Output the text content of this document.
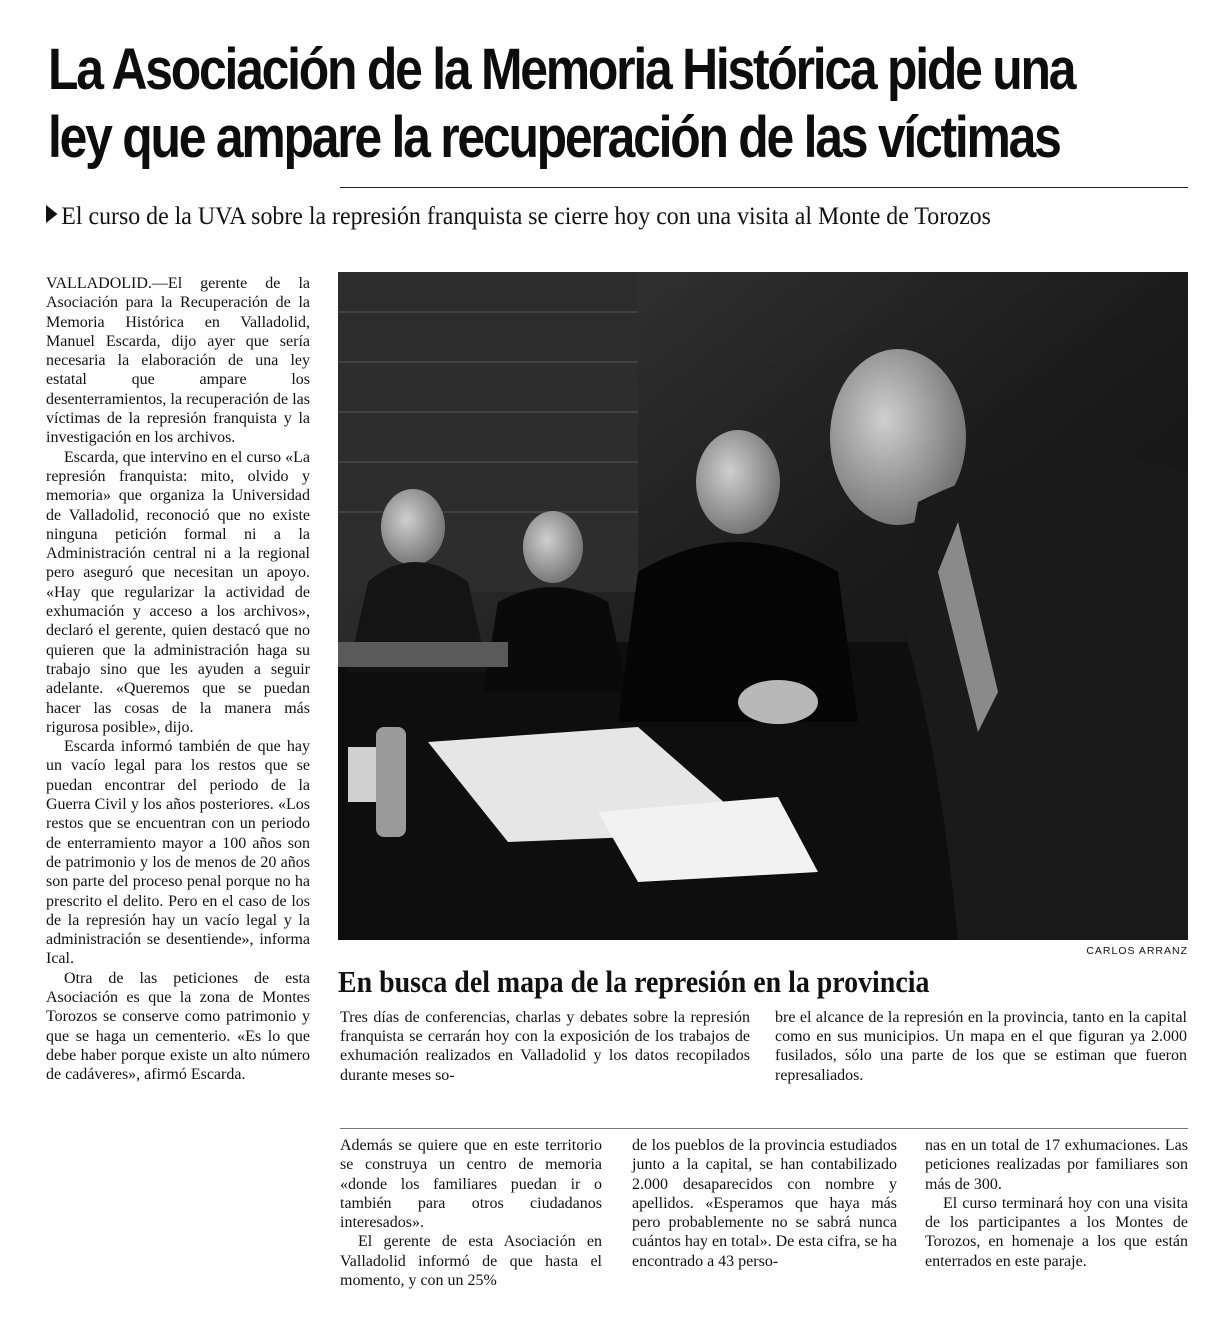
La Asociación de la Memoria Histórica pide una
ley que ampare la recuperación de las víctimas
El curso de la UVA sobre la represión franquista se cierre hoy con una visita al Monte de Torozos

VALLADOLID.—El gerente de la Asociación para la Recuperación de la Memoria Histórica en Valladolid, Manuel Escarda, dijo ayer que sería necesaria la elaboración de una ley estatal que ampare los desenterramientos, la recuperación de las víctimas de la represión franquista y la investigación en los archivos.

Escarda, que intervino en el curso «La represión franquista: mito, olvido y memoria» que organiza la Universidad de Valladolid, reconoció que no existe ninguna petición formal ni a la Administración central ni a la regional pero aseguró que necesitan un apoyo. «Hay que regularizar la actividad de exhumación y acceso a los archivos», declaró el gerente, quien destacó que no quieren que la administración haga su trabajo sino que les ayuden a seguir adelante. «Queremos que se puedan hacer las cosas de la manera más rigurosa posible», dijo.

Escarda informó también de que hay un vacío legal para los restos que se puedan encontrar del periodo de la Guerra Civil y los años posteriores. «Los restos que se encuentran con un periodo de enterramiento mayor a 100 años son de patrimonio y los de menos de 20 años son parte del proceso penal porque no ha prescrito el delito. Pero en el caso de los de la represión hay un vacío legal y la administración se desentiende», informa Ical.

Otra de las peticiones de esta Asociación es que la zona de Montes Torozos se conserve como patrimonio y que se haga un cementerio. «Es lo que debe haber porque existe un alto número de cadáveres», afirmó Escarda.

CARLOS ARRANZ
En busca del mapa de la represión en la provincia

Tres días de conferencias, charlas y debates sobre la represión franquista se cerrarán hoy con la exposición de los trabajos de exhumación realizados en Valladolid y los datos recopilados durante meses so-

bre el alcance de la represión en la provincia, tanto en la capital como en sus municipios. Un mapa en el que figuran ya 2.000 fusilados, sólo una parte de los que se estiman que fueron represaliados.

Además se quiere que en este territorio se construya un centro de memoria «donde los familiares puedan ir o también para otros ciudadanos interesados».

El gerente de esta Asociación en Valladolid informó de que hasta el momento, y con un 25%

de los pueblos de la provincia estudiados junto a la capital, se han contabilizado 2.000 desaparecidos con nombre y apellidos. «Esperamos que haya más pero probablemente no se sabrá nunca cuántos hay en total». De esta cifra, se ha encontrado a 43 perso-

nas en un total de 17 exhumaciones. Las peticiones realizadas por familiares son más de 300.

El curso terminará hoy con una visita de los participantes a los Montes de Torozos, en homenaje a los que están enterrados en este paraje.
